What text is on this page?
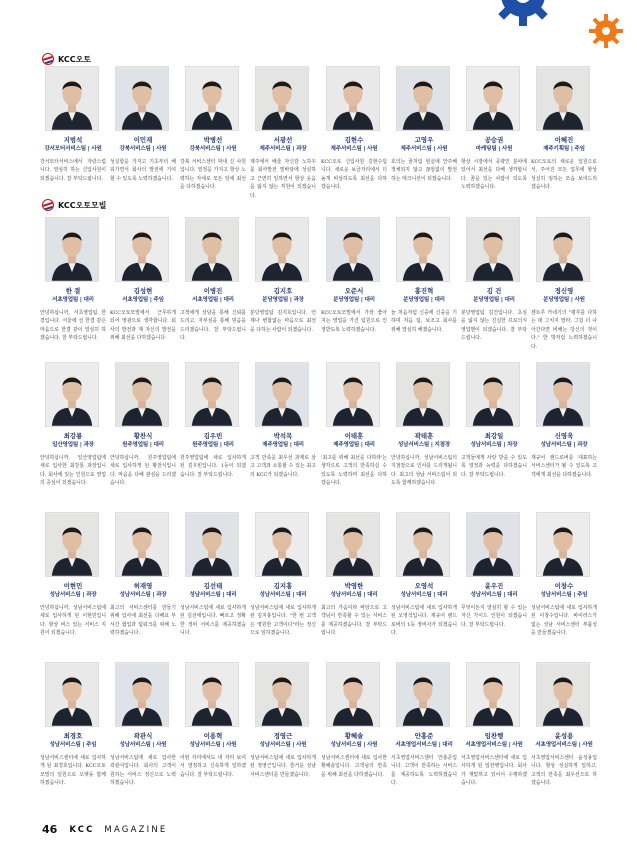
KCC오토
KCC오토모빌
지범석
강서모터서비스팀 | 사원
강서모터서비스에서 자랑스럽니다. 열심히 하는 신입사원이 되겠습니다. 잘 부탁드립니다.
이민재
강북서비스팀 | 사원
성실함을 가지고 기초부터 배워가면서 회사의 발전에 기여할 수 있도록 노력하겠습니다.
박병선
강북서비스팀 | 사원
강북 서비스센터 막내 신 사원입니다. 열정을 가지고 항상 노력하는 자세로 모든 일에 최선을 다하겠습니다.
서광선
제주서비스팀 | 과장
제주에서 배울 자신감 노하우를 회사발전 밑바탕에 성심하고 근면히 일하면서 항상 웃음을 잃지 않는 직원이 되겠습니다.
김현수
제주서비스팀 | 사원
KCC오토 신입사원 김현수입니다. 새로운 보금자리에서 더 높게 비상하도록 최선을 다하겠습니다.
고영우
제주서비스팀 | 사원
호의는 꿈처럼 현실에 안주해 정체되지 않고 끊임없이 발전하는 태크니션이 되겠습니다.
공승권
마케팅팀 | 사원
항상 시장에서 공략인 분야에 있어서 최선을 다해 생각합니다. 꿈을 있는 사람이 되도록 노력하겠습니다.
이혜진
제주기획팀 | 주임
KCC오토의 새로운 일원으로서, 주어진 모든 업무에 항상 성실히 임하는 모습 보여드리겠습니다.
한 결
서초영업팀 | 대리
안녕하십니까, 서초영업팀 한결입니다. 서울에 선 한결 같은 마음으로 한결 같이 열심히 하겠습니다. 잘 부탁드립니다.
김성현
서초영업팀 | 주임
KCC오토모빌에서 근무하게 되어 영광으로 생각합니다. 회사의 발전과 제 자신의 발전을 위해 최선을 다하겠습니다.
이병진
서초영업팀 | 대리
고객에게 상담을 통해 신뢰를 드리고, 자부심을 통해 믿음을 드리겠습니다. 잘 부탁드립니다.
김지호
분당영업팀 | 과장
분당영업팀 김지호입니다. 언제나 변함없는 마음으로 최선을 다하는 사람이 되겠습니다.
오준서
분당영업팀 | 대리
KCC오토모빌에서 가장 좋아지는 영업을 가진 팀원으로 인정받도록 노력하겠습니다.
홍진혁
분당영업팀 | 대리
늘 처음처럼 신중에 신중을 기하며 처음 팀, 보조고 회사를 위해 열심히 해겠습니다.
김 건
분당영업팀 | 대리
분당영업팀 김건입니다. 초심을 잃지 않는 진실한 프로의식 영업맨이 되겠습니다. 잘 부탁드립니다.
정신영
분당영업팀 | 사원
젠트루 카네기의 "평루를 다하는 데 그치지 말라, 그걸 더 나아간다면 비해는 당신의 것이다." 한 방처럼 노력하겠습니다.
최강룡
일산영업팀 | 과장
안녕하십니까, 일산영업팀에 새로 입사한 최강룡 과장입니다. 회사에 있는 인원으로 영업의 중심이 되겠습니다.
황찬식
원주영업팀 | 대리
안녕하십니까, 원주영업팀에 새로 입사하게 된 황찬식입니다. 마음을 다해 관심을 드리겠습니다.
김우빈
원주영업팀 | 대리
원주영업팀에 새로 입사하게 된 김우빈입니다. 1등이 되겠습니다. 잘 부탁드립니다.
박석목
제주영업팀 | 대리
고객 만족을 최우선 과제로 삼고 고객과 소통할 수 있는 최고의 KCC가 되겠습니다.
이태훈
제주영업팀 | 대리
'최고를 위해 최선을 다하라'는 생각으로 고객의 만족하실 수 있도록 노력하며 최선을 다하겠습니다.
곽태훈
성남서비스팀 | 지점장
안녕하십니까, 성남서비스팀의 지점장으로 인사를 드리게됩니다. 최고의 성남 서비스팀이 되도록 함께하겠습니다.
최강일
성남서비스팀 | 차장
고객들에게 사랑 받을 수 있도록 열정과 능력을 다하겠습니다. 잘 부탁드립니다.
신영욱
성남서비스팀 | 과장
재규어 랜드로버를 대표하는 서비스센터가 될 수 있도록 고객에게 최선을 다하겠습니다.
이현민
성남서비스팀 | 과장
안녕하십니까, 성남서비스팀에 새로 입사하게 된 이현민입니다. 항상 비스 있는 서비스 지원이 되겠습니다.
허재영
성남서비스팀 | 과장
최고의 서비스센터를 만들기 위해 입사에 최선을 다해요 부서간 협업과 팀워크를 위해 노력하겠습니다.
김선태
성남서비스팀 | 대리
성남서비스팀에 새로 입사하게 된 김선태입니다. 빠르고 정확한 정비 서비스를 제공하겠습니다.
김지홍
성남서비스팀 | 대리
성남서비스팀에 새로 입사하게 된 김지홍입니다. "한 번 고객은 영원한 고객이다"라는 정신으로 임하겠습니다.
박영한
성남서비스팀 | 대리
최고의 가슴이라 바탕으로 고객님이 만족할 수 있는 서비스를 제공하겠습니다. 잘 부탁드립니다.
오영석
성남서비스팀 | 대리
성남서비스팀에 새로 입사하게 된 오영석입니다. 재규어 랜드로버의 1등 정비사가 되겠습니다.
윤우진
성남서비스팀 | 대리
무엇이든지 열심히 할 수 있는 자신 가이드 인원이 되겠습니다. 잘 부탁드립니다.
이창수
성남서비스팀 | 주임
성남서비스팀에 새로 입사하게 된 이창수입니다. 바이러스가 없는 성남 서비스센터 부품성을 만들겠습니다.
최경호
성남서비스팀 | 주임
성남서비스센터에 새로 입사하게 된 최경호입니다. KCC오토모빌의 일원으로 오랫동 함께하겠습니다.
곽관식
성남서비스팀 | 사원
성남서비스팀에 새로 입사한 곽관식입니다. 회사의 고객이 원하는 서비스 정신으로 노력하겠습니다.
이용혁
성남서비스팀 | 사원
어떤 자리에서도 내 자리 보여서 열정하고 신속하게 일하겠습니다. 잘 부탁드립니다.
정영근
성남서비스팀 | 사원
성남서비스팀에 새로 입사하게 된 정영근입니다. 즐거운 성남 서비스센터를 만들겠습니다.
황혜솔
성남서비스팀 | 사원
성남서비스센터에 새로 입사한 황혜솔입니다. 고객님의 만족을 위해 최선을 다하겠습니다.
안홍준
서초영업서비스팀 | 대리
서초영업서비스센터 안홍준입니다. 고객이 만족하는 서비스를 제공하도록 노력하겠습니다.
임찬행
서초영업서비스팀 | 사원
서초영업서비스센터에 새로 입사하게 된 임찬행입니다. 회사가 재밌하고 있어서 수행하겠습니다.
윤성용
서초영업서비스팀 | 사원
서초영업서비스센터 윤성용입니다. 항상 성실하게 일하고, 고객의 만족을 최우선으로 하겠습니다.
46 KCC MAGAZINE
